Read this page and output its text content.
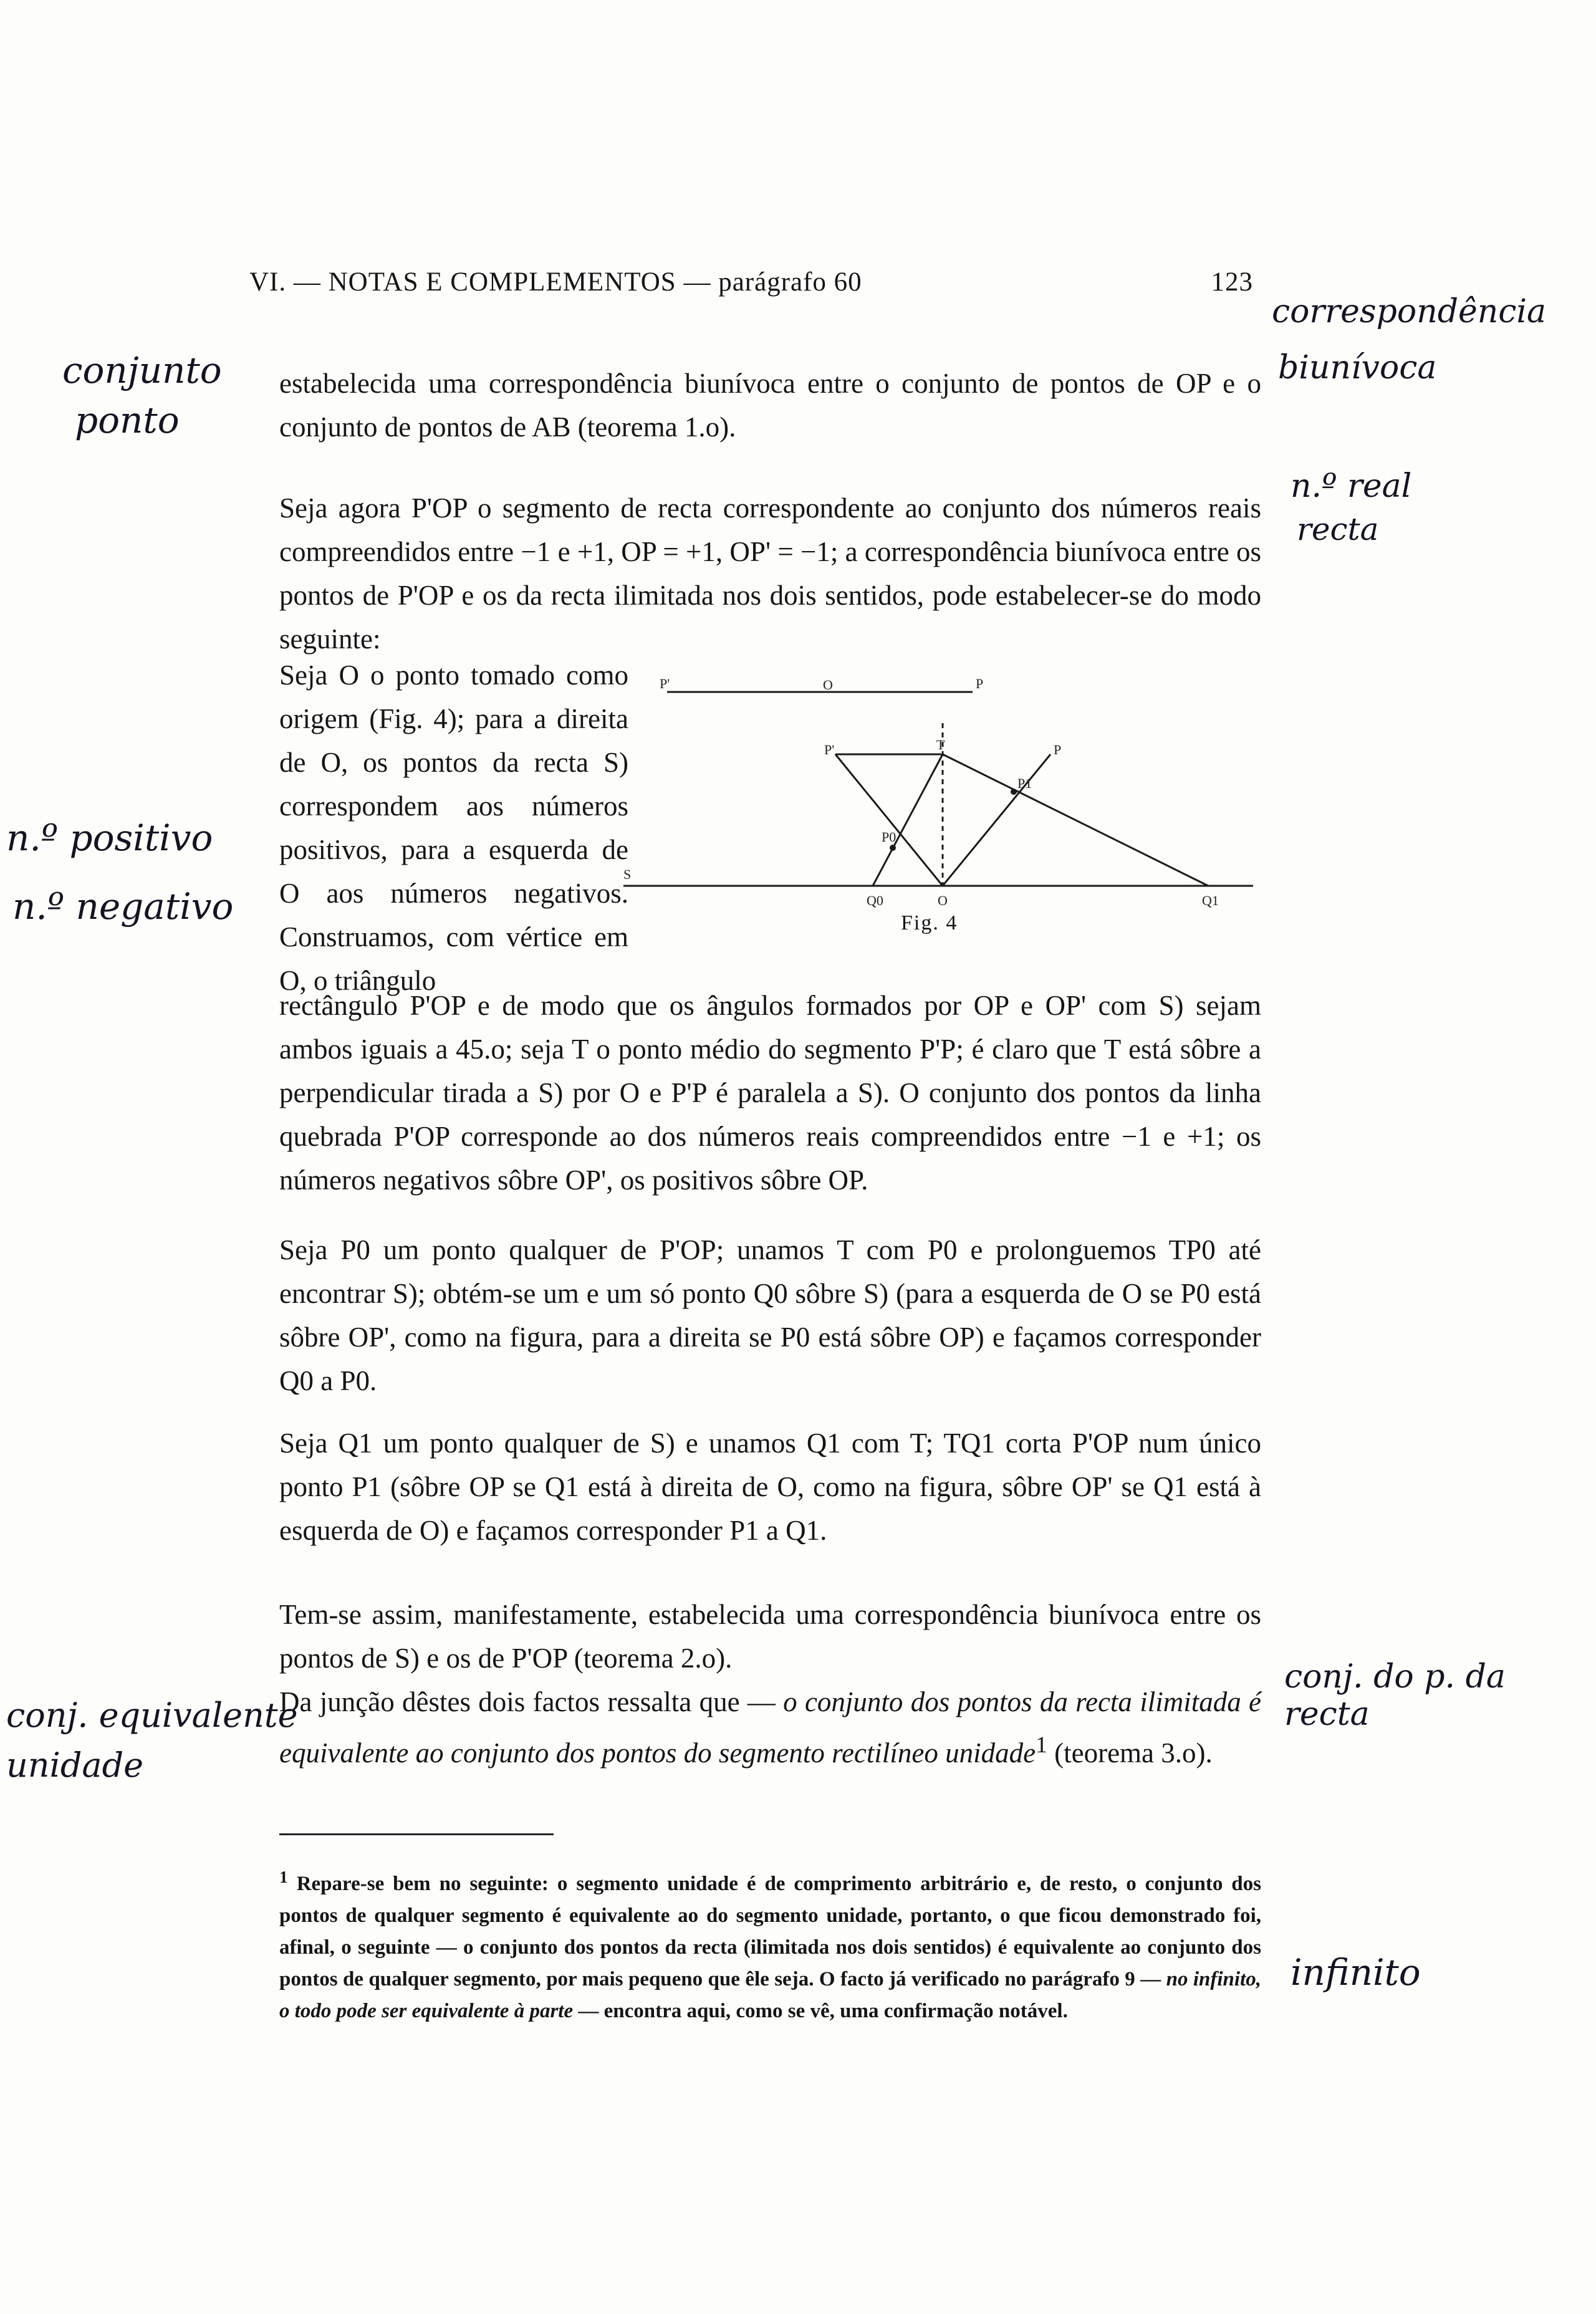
VI. — NOTAS E COMPLEMENTOS — parágrafo 60	123

estabelecida uma correspondência biunívoca entre o conjunto de pontos de OP e o conjunto de pontos de AB (teorema 1.o).

Seja agora P'OP o segmento de recta correspondente ao conjunto dos números reais compreendidos entre −1 e +1, OP = +1, OP' = −1; a correspondência biunívoca entre os pontos de P'OP e os da recta ilimitada nos dois sentidos, pode estabelecer-se do modo seguinte:

Seja O o ponto tomado como origem (Fig. 4); para a direita de O, os pontos da recta S) correspondem aos números positivos, para a esquerda de O aos números negativos. Construamos, com vértice em O, o triângulo

P'	P
O
P'	P
T
P1
P0
S
Q0	O	Q1
Fig. 4

rectângulo P'OP e de modo que os ângulos formados por OP e OP' com S) sejam ambos iguais a 45.o; seja T o ponto médio do segmento P'P; é claro que T está sôbre a perpendicular tirada a S) por O e P'P é paralela a S). O conjunto dos pontos da linha quebrada P'OP corresponde ao dos números reais compreendidos entre −1 e +1; os números negativos sôbre OP', os positivos sôbre OP.

Seja P0 um ponto qualquer de P'OP; unamos T com P0 e prolonguemos TP0 até encontrar S); obtém-se um e um só ponto Q0 sôbre S) (para a esquerda de O se P0 está sôbre OP', como na figura, para a direita se P0 está sôbre OP) e façamos corresponder Q0 a P0.

Seja Q1 um ponto qualquer de S) e unamos Q1 com T; TQ1 corta P'OP num único ponto P1 (sôbre OP se Q1 está à direita de O, como na figura, sôbre OP' se Q1 está à esquerda de O) e façamos corresponder P1 a Q1.

Tem-se assim, manifestamente, estabelecida uma correspondência biunívoca entre os pontos de S) e os de P'OP (teorema 2.o).

Da junção dêstes dois factos ressalta que — o conjunto dos pontos da recta ilimitada é equivalente ao conjunto dos pontos do segmento rectilíneo unidade$^1$ (teorema 3.o).

$^1$ Repare-se bem no seguinte: o segmento unidade é de comprimento arbitrário e, de resto, o conjunto dos pontos de qualquer segmento é equivalente ao do segmento unidade, portanto, o que ficou demonstrado foi, afinal, o seguinte — o conjunto dos pontos da recta (ilimitada nos dois sentidos) é equivalente ao conjunto dos pontos de qualquer segmento, por mais pequeno que êle seja. O facto já verificado no parágrafo 9 — no infinito, o todo pode ser equivalente à parte — encontra aqui, como se vê, uma confirmação notável.
conjunto
ponto
correspondência
biunívoca
n.º real
recta
n.º positivo
n.º negativo
conj. do p. da recta
conj. equivalente
unidade
infinito
